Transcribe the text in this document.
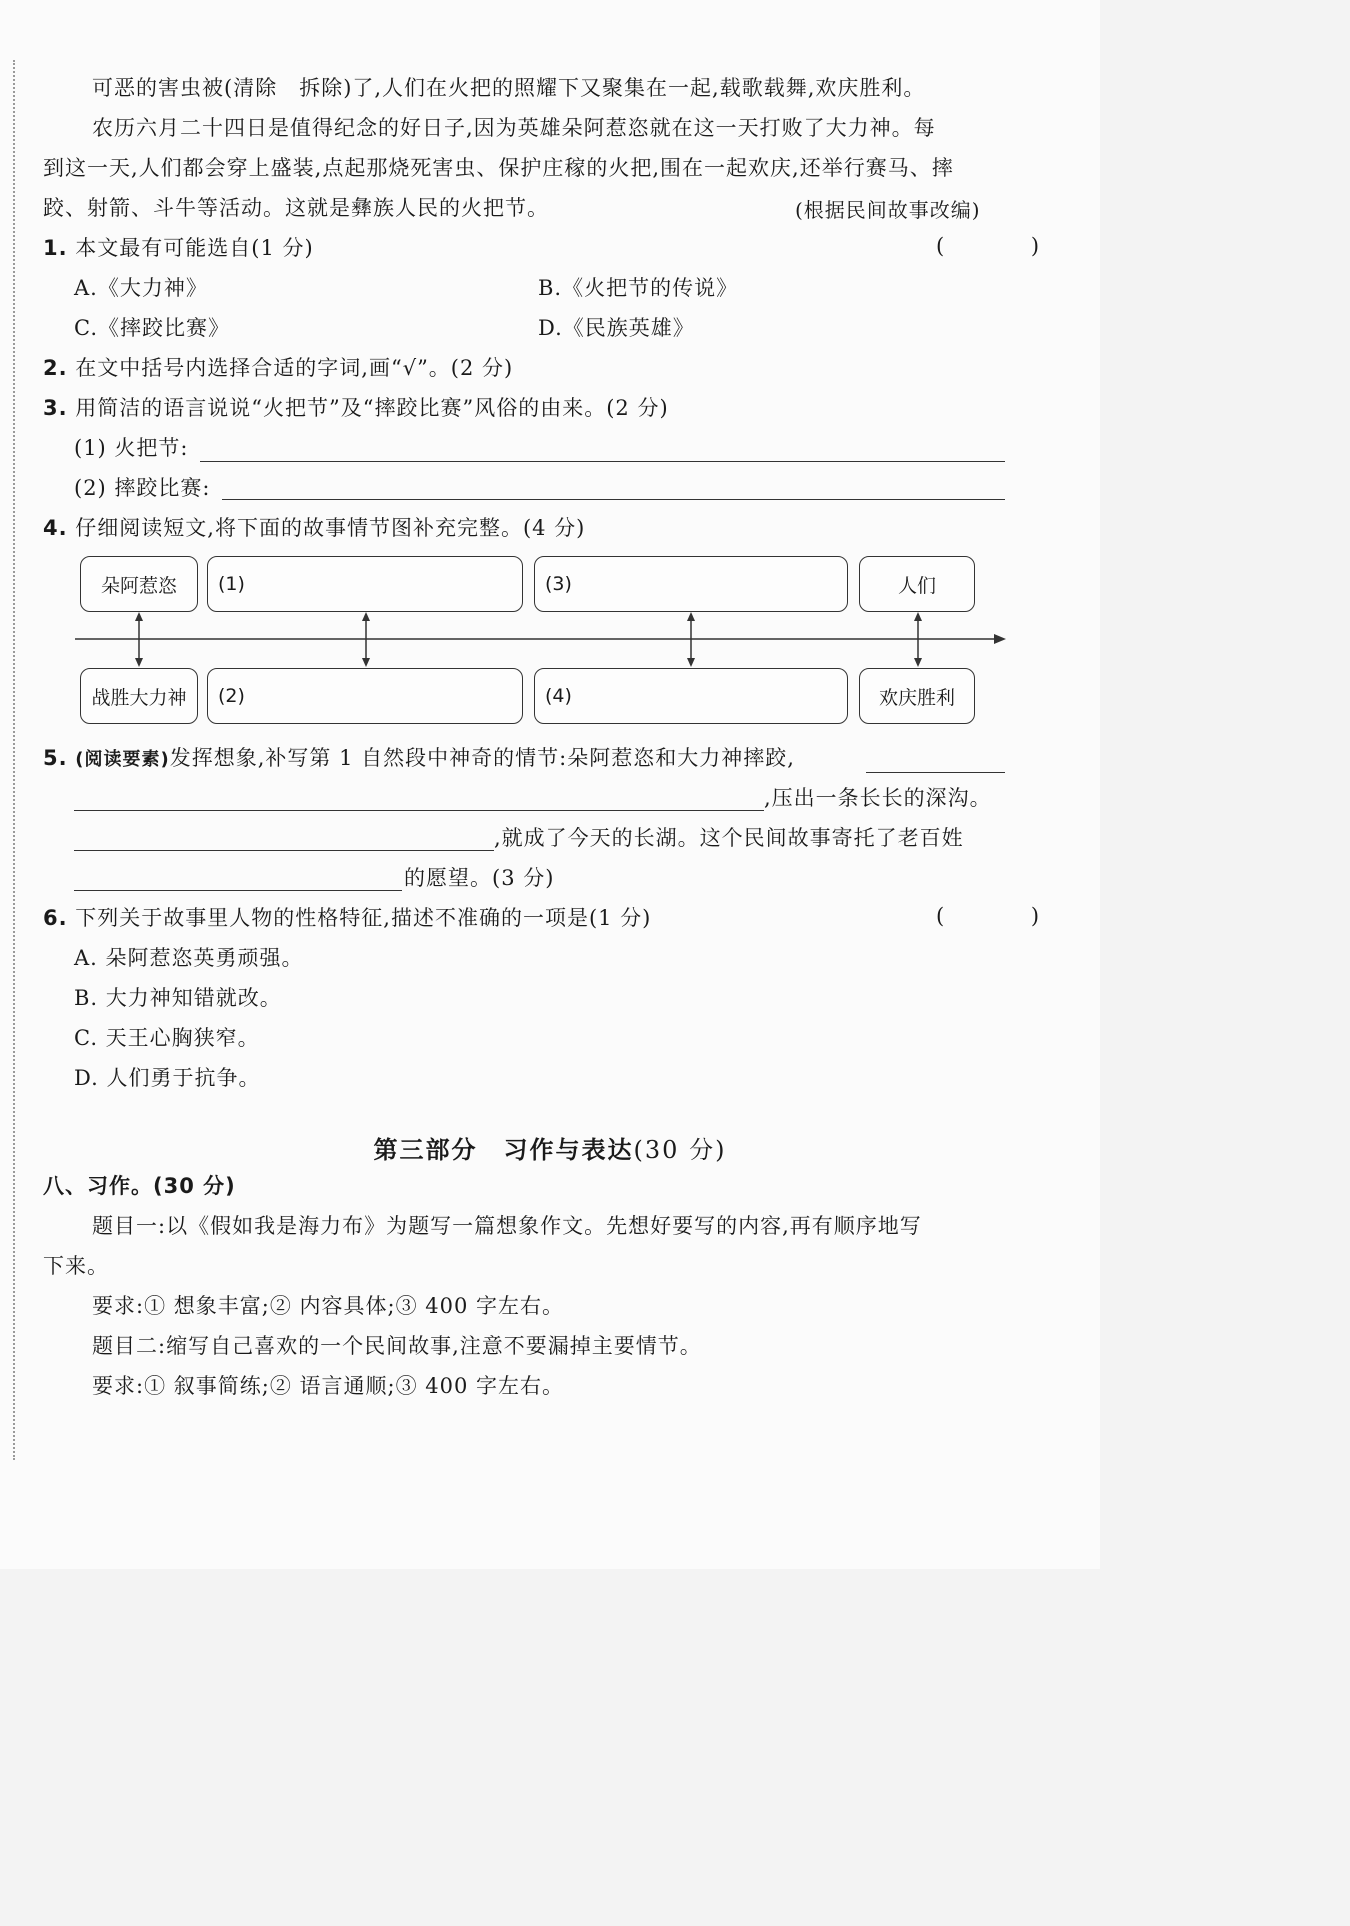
可恶的害虫被(清除　拆除)了,人们在火把的照耀下又聚集在一起,载歌载舞,欢庆胜利。
农历六月二十四日是值得纪念的好日子,因为英雄朵阿惹恣就在这一天打败了大力神。每
到这一天,人们都会穿上盛装,点起那烧死害虫、保护庄稼的火把,围在一起欢庆,还举行赛马、摔
跤、射箭、斗牛等活动。这就是彝族人民的火把节。	(根据民间故事改编)
1. 本文最有可能选自(1 分)	( )
A.《大力神》	B.《火把节的传说》
C.《摔跤比赛》	D.《民族英雄》
2. 在文中括号内选择合适的字词,画“√”。(2 分)
3. 用简洁的语言说说“火把节”及“摔跤比赛”风俗的由来。(2 分)
(1) 火把节:
(2) 摔跤比赛:
4. 仔细阅读短文,将下面的故事情节图补充完整。(4 分)
朵阿惹恣	(1)	(3)	人们
战胜大力神	(2)	(4)	欢庆胜利
5. (阅读要素)发挥想象,补写第 1 自然段中神奇的情节:朵阿惹恣和大力神摔跤,
,压出一条长长的深沟。
,就成了今天的长湖。这个民间故事寄托了老百姓
的愿望。(3 分)
6. 下列关于故事里人物的性格特征,描述不准确的一项是(1 分)	( )
A. 朵阿惹恣英勇顽强。
B. 大力神知错就改。
C. 天王心胸狭窄。
D. 人们勇于抗争。
第三部分　习作与表达(30 分)
八、习作。(30 分)
题目一:以《假如我是海力布》为题写一篇想象作文。先想好要写的内容,再有顺序地写
下来。
要求:① 想象丰富;② 内容具体;③ 400 字左右。
题目二:缩写自己喜欢的一个民间故事,注意不要漏掉主要情节。
要求:① 叙事简练;② 语言通顺;③ 400 字左右。
